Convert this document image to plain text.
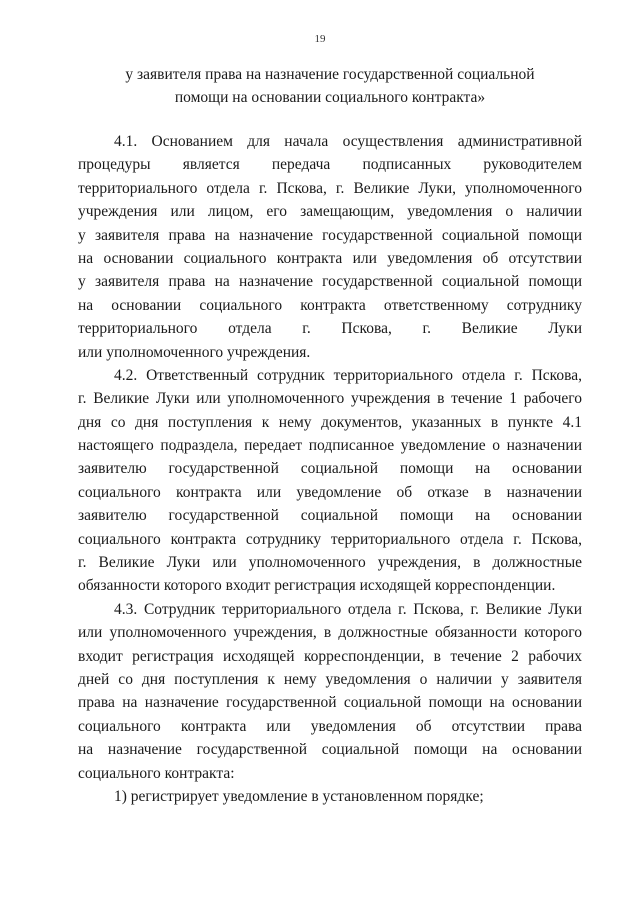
19
у заявителя права на назначение государственной социальной
помощи на основании социального контракта»
4.1. Основанием для начала осуществления административной
процедуры является передача подписанных руководителем
территориального отдела г. Пскова, г. Великие Луки, уполномоченного
учреждения или лицом, его замещающим, уведомления о наличии
у заявителя права на назначение государственной социальной помощи
на основании социального контракта или уведомления об отсутствии
у заявителя права на назначение государственной социальной помощи
на основании социального контракта ответственному сотруднику
территориального отдела г. Пскова, г. Великие Луки
или уполномоченного учреждения.
4.2. Ответственный сотрудник территориального отдела г. Пскова,
г. Великие Луки или уполномоченного учреждения в течение 1 рабочего
дня со дня поступления к нему документов, указанных в пункте 4.1
настоящего подраздела, передает подписанное уведомление о назначении
заявителю государственной социальной помощи на основании
социального контракта или уведомление об отказе в назначении
заявителю государственной социальной помощи на основании
социального контракта сотруднику территориального отдела г. Пскова,
г. Великие Луки или уполномоченного учреждения, в должностные
обязанности которого входит регистрация исходящей корреспонденции.
4.3. Сотрудник территориального отдела г. Пскова, г. Великие Луки
или уполномоченного учреждения, в должностные обязанности которого
входит регистрация исходящей корреспонденции, в течение 2 рабочих
дней со дня поступления к нему уведомления о наличии у заявителя
права на назначение государственной социальной помощи на основании
социального контракта или уведомления об отсутствии права
на назначение государственной социальной помощи на основании
социального контракта:
1) регистрирует уведомление в установленном порядке;
